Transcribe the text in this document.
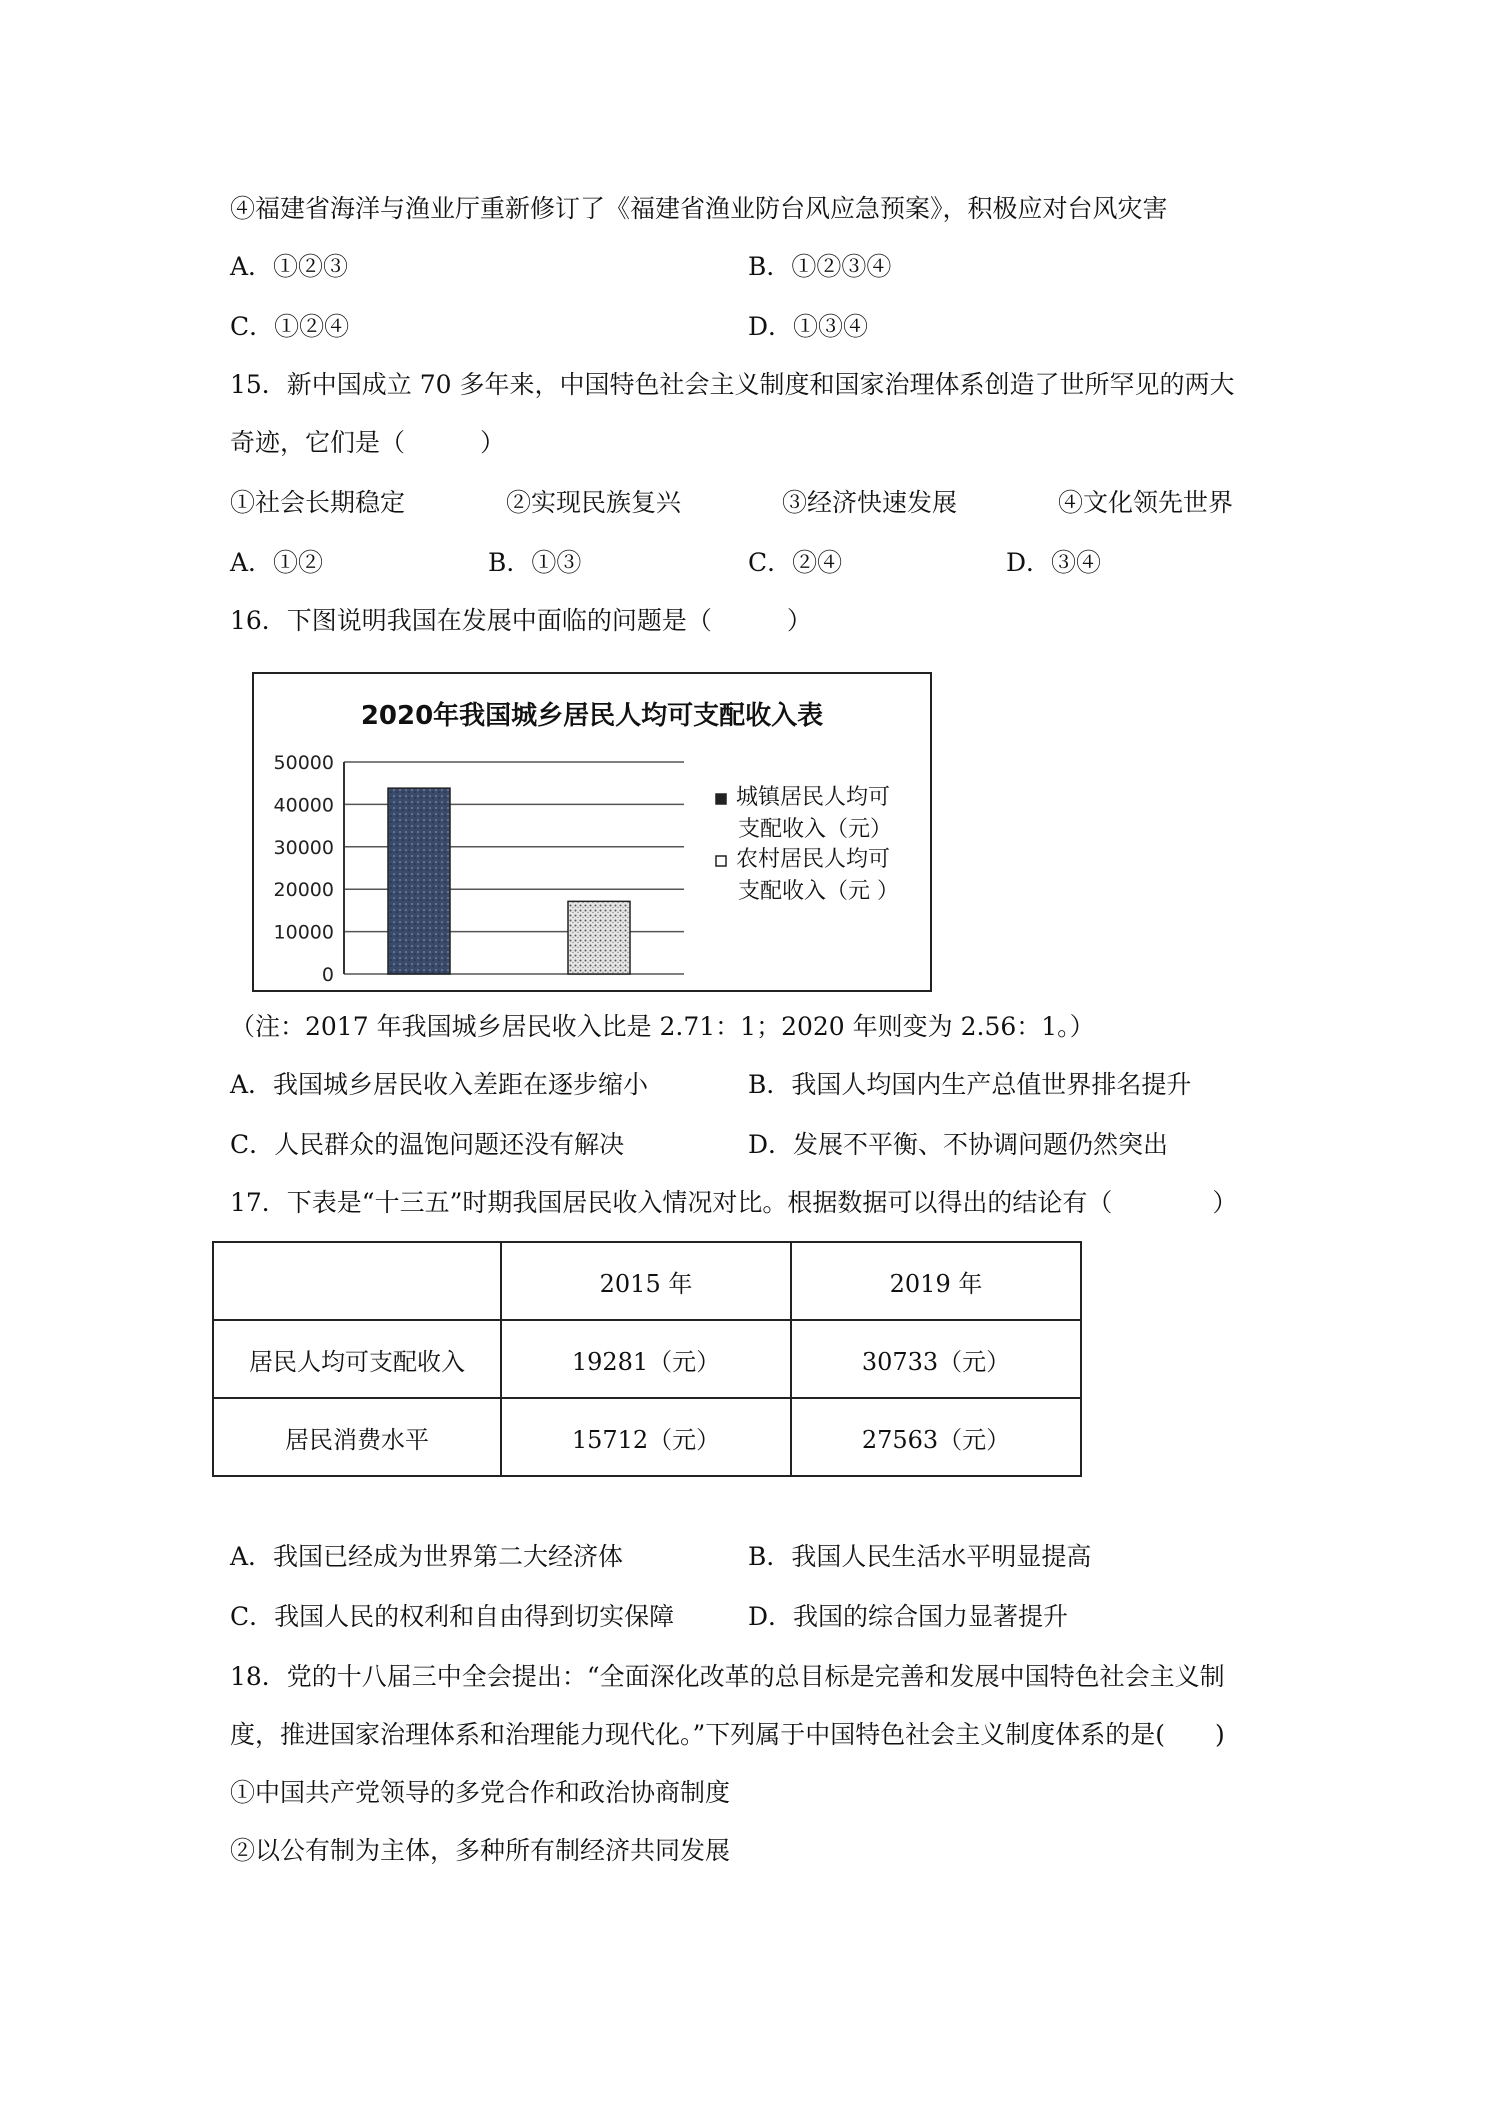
④福建省海洋与渔业厅重新修订了《福建省渔业防台风应急预案》，积极应对台风灾害
A．①②③	B．①②③④
C．①②④	D．①③④
15．新中国成立 70 多年来，中国特色社会主义制度和国家治理体系创造了世所罕见的两大
奇迹，它们是（　　　）
①社会长期稳定	②实现民族复兴	③经济快速发展	④文化领先世界
A．①②	B．①③	C．②④	D．③④
16．下图说明我国在发展中面临的问题是（　　　）
2020年我国城乡居民人均可支配收入表
50000
40000
30000
20000
10000
0
城镇居民人均可
支配收入（元）
农村居民人均可
支配收入（元 ）
（注：2017 年我国城乡居民收入比是 2.71：1；2020 年则变为 2.56：1。）
A．我国城乡居民收入差距在逐步缩小	B．我国人均国内生产总值世界排名提升
C．人民群众的温饱问题还没有解决	D．发展不平衡、不协调问题仍然突出
17．下表是“十三五”时期我国居民收入情况对比。根据数据可以得出的结论有（　　　　）
	2015 年	2019 年
居民人均可支配收入	19281（元）	30733（元）
居民消费水平	15712（元）	27563（元）
A．我国已经成为世界第二大经济体	B．我国人民生活水平明显提高
C．我国人民的权利和自由得到切实保障	D．我国的综合国力显著提升
18．党的十八届三中全会提出：“全面深化改革的总目标是完善和发展中国特色社会主义制
度，推进国家治理体系和治理能力现代化。”下列属于中国特色社会主义制度体系的是(　　)
①中国共产党领导的多党合作和政治协商制度
②以公有制为主体，多种所有制经济共同发展
